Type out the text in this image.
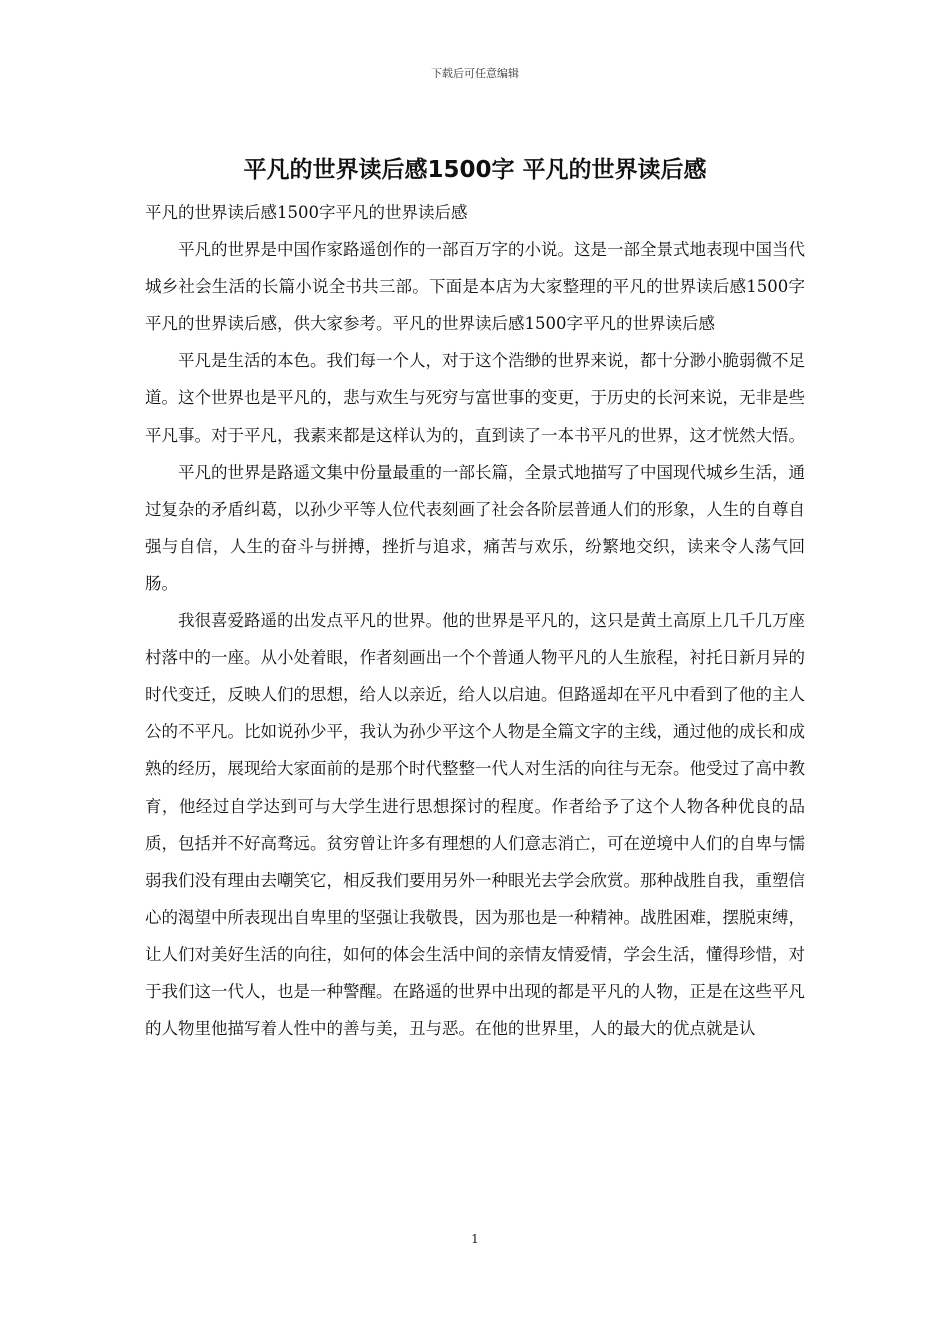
下载后可任意编辑
平凡的世界读后感1500字 平凡的世界读后感

平凡的世界读后感1500字平凡的世界读后感

平凡的世界是中国作家路遥创作的一部百万字的小说。这是一部全景式地表现中国当代城乡社会生活的长篇小说全书共三部。下面是本店为大家整理的平凡的世界读后感1500字平凡的世界读后感，供大家参考。平凡的世界读后感1500字平凡的世界读后感

平凡是生活的本色。我们每一个人，对于这个浩缈的世界来说，都十分渺小脆弱微不足道。这个世界也是平凡的，悲与欢生与死穷与富世事的变更，于历史的长河来说，无非是些平凡事。对于平凡，我素来都是这样认为的，直到读了一本书平凡的世界，这才恍然大悟。

平凡的世界是路遥文集中份量最重的一部长篇，全景式地描写了中国现代城乡生活，通过复杂的矛盾纠葛，以孙少平等人位代表刻画了社会各阶层普通人们的形象，人生的自尊自强与自信，人生的奋斗与拼搏，挫折与追求，痛苦与欢乐，纷繁地交织，读来令人荡气回肠。

我很喜爱路遥的出发点平凡的世界。他的世界是平凡的，这只是黄土高原上几千几万座村落中的一座。从小处着眼，作者刻画出一个个普通人物平凡的人生旅程，衬托日新月异的时代变迁，反映人们的思想，给人以亲近，给人以启迪。但路遥却在平凡中看到了他的主人公的不平凡。比如说孙少平，我认为孙少平这个人物是全篇文字的主线，通过他的成长和成熟的经历，展现给大家面前的是那个时代整整一代人对生活的向往与无奈。他受过了高中教育，他经过自学达到可与大学生进行思想探讨的程度。作者给予了这个人物各种优良的品质，包括并不好高骛远。贫穷曾让许多有理想的人们意志消亡，可在逆境中人们的自卑与懦弱我们没有理由去嘲笑它，相反我们要用另外一种眼光去学会欣赏。那种战胜自我，重塑信心的渴望中所表现出自卑里的坚强让我敬畏，因为那也是一种精神。战胜困难，摆脱束缚，让人们对美好生活的向往，如何的体会生活中间的亲情友情爱情，学会生活，懂得珍惜，对于我们这一代人，也是一种警醒。在路遥的世界中出现的都是平凡的人物，正是在这些平凡的人物里他描写着人性中的善与美，丑与恶。在他的世界里，人的最大的优点就是认

1
